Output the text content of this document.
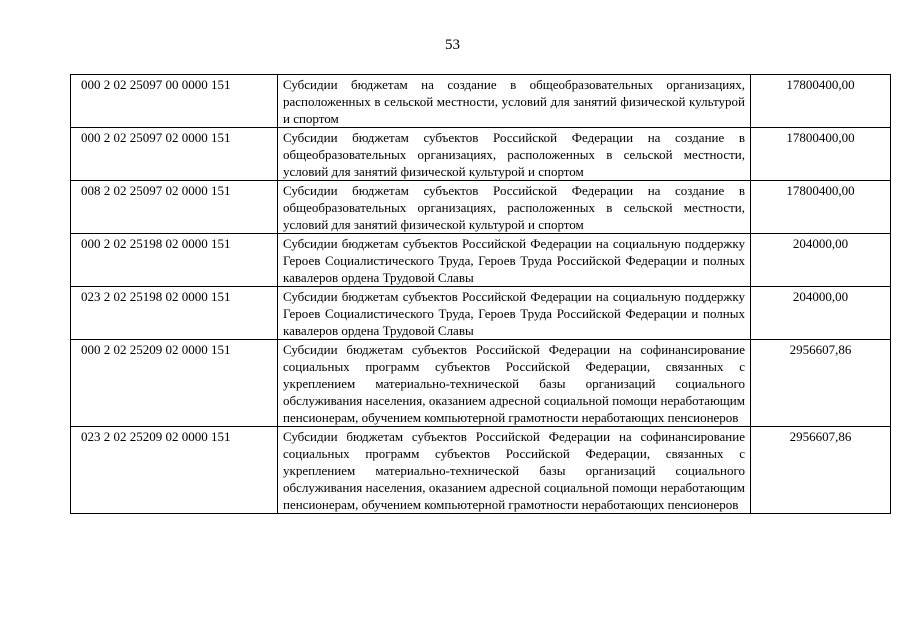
53
000 2 02 25097 00 0000 151	Субсидии бюджетам на создание в общеобразовательных организациях, расположенных в сельской местности, условий для занятий физической культурой и спортом	17800400,00
000 2 02 25097 02 0000 151	Субсидии бюджетам субъектов Российской Федерации на создание в общеобразовательных организациях, расположенных в сельской местности, условий для занятий физической культурой и спортом	17800400,00
008 2 02 25097 02 0000 151	Субсидии бюджетам субъектов Российской Федерации на создание в общеобразовательных организациях, расположенных в сельской местности, условий для занятий физической культурой и спортом	17800400,00
000 2 02 25198 02 0000 151	Субсидии бюджетам субъектов Российской Федерации на социальную поддержку Героев Социалистического Труда, Героев Труда Российской Федерации и полных кавалеров ордена Трудовой Славы	204000,00
023 2 02 25198 02 0000 151	Субсидии бюджетам субъектов Российской Федерации на социальную поддержку Героев Социалистического Труда, Героев Труда Российской Федерации и полных кавалеров ордена Трудовой Славы	204000,00
000 2 02 25209 02 0000 151	Субсидии бюджетам субъектов Российской Федерации на софинансирование социальных программ субъектов Российской Федерации, связанных с укреплением материально-технической базы организаций социального обслуживания населения, оказанием адресной социальной помощи неработающим пенсионерам, обучением компьютерной грамотности неработающих пенсионеров	2956607,86
023 2 02 25209 02 0000 151	Субсидии бюджетам субъектов Российской Федерации на софинансирование социальных программ субъектов Российской Федерации, связанных с укреплением материально-технической базы организаций социального обслуживания населения, оказанием адресной социальной помощи неработающим пенсионерам, обучением компьютерной грамотности неработающих пенсионеров	2956607,86
